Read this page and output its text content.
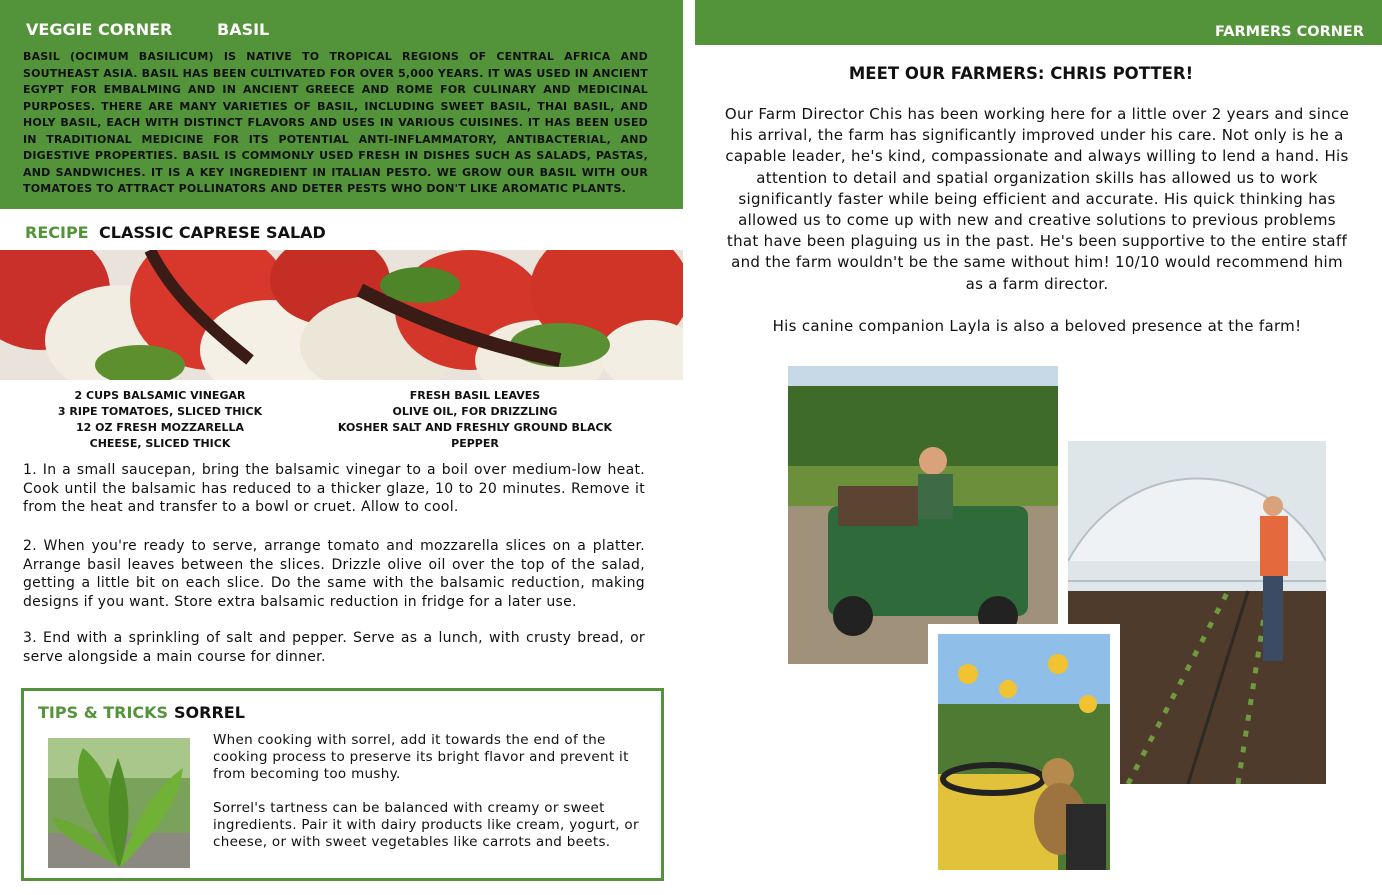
VEGGIE CORNER	BASIL
BASIL (OCIMUM BASILICUM) IS NATIVE TO TROPICAL REGIONS OF CENTRAL AFRICA AND SOUTHEAST ASIA. BASIL HAS BEEN CULTIVATED FOR OVER 5,000 YEARS. IT WAS USED IN ANCIENT EGYPT FOR EMBALMING AND IN ANCIENT GREECE AND ROME FOR CULINARY AND MEDICINAL PURPOSES. THERE ARE MANY VARIETIES OF BASIL, INCLUDING SWEET BASIL, THAI BASIL, AND HOLY BASIL, EACH WITH DISTINCT FLAVORS AND USES IN VARIOUS CUISINES. IT HAS BEEN USED IN TRADITIONAL MEDICINE FOR ITS POTENTIAL ANTI-INFLAMMATORY, ANTIBACTERIAL, AND DIGESTIVE PROPERTIES. BASIL IS COMMONLY USED FRESH IN DISHES SUCH AS SALADS, PASTAS, AND SANDWICHES. IT IS A KEY INGREDIENT IN ITALIAN PESTO. WE GROW OUR BASIL WITH OUR TOMATOES TO ATTRACT POLLINATORS AND DETER PESTS WHO DON'T LIKE AROMATIC PLANTS.
RECIPE CLASSIC CAPRESE SALAD
2 CUPS BALSAMIC VINEGAR
3 RIPE TOMATOES, SLICED THICK
12 OZ FRESH MOZZARELLA CHEESE, SLICED THICK
FRESH BASIL LEAVES
OLIVE OIL, FOR DRIZZLING
KOSHER SALT AND FRESHLY GROUND BLACK PEPPER
1. In a small saucepan, bring the balsamic vinegar to a boil over medium-low heat. Cook until the balsamic has reduced to a thicker glaze, 10 to 20 minutes. Remove it from the heat and transfer to a bowl or cruet. Allow to cool.
2. When you're ready to serve, arrange tomato and mozzarella slices on a platter. Arrange basil leaves between the slices. Drizzle olive oil over the top of the salad, getting a little bit on each slice. Do the same with the balsamic reduction, making designs if you want. Store extra balsamic reduction in fridge for a later use.
3. End with a sprinkling of salt and pepper. Serve as a lunch, with crusty bread, or serve alongside a main course for dinner.
TIPS & TRICKS SORREL
When cooking with sorrel, add it towards the end of the cooking process to preserve its bright flavor and prevent it from becoming too mushy.
Sorrel's tartness can be balanced with creamy or sweet ingredients. Pair it with dairy products like cream, yogurt, or cheese, or with sweet vegetables like carrots and beets.
FARMERS CORNER
MEET OUR FARMERS: CHRIS POTTER!
Our Farm Director Chis has been working here for a little over 2 years and since his arrival, the farm has significantly improved under his care. Not only is he a capable leader, he's kind, compassionate and always willing to lend a hand. His attention to detail and spatial organization skills has allowed us to work significantly faster while being efficient and accurate. His quick thinking has allowed us to come up with new and creative solutions to previous problems that have been plaguing us in the past. He's been supportive to the entire staff and the farm wouldn't be the same without him! 10/10 would recommend him as a farm director.
His canine companion Layla is also a beloved presence at the farm!
